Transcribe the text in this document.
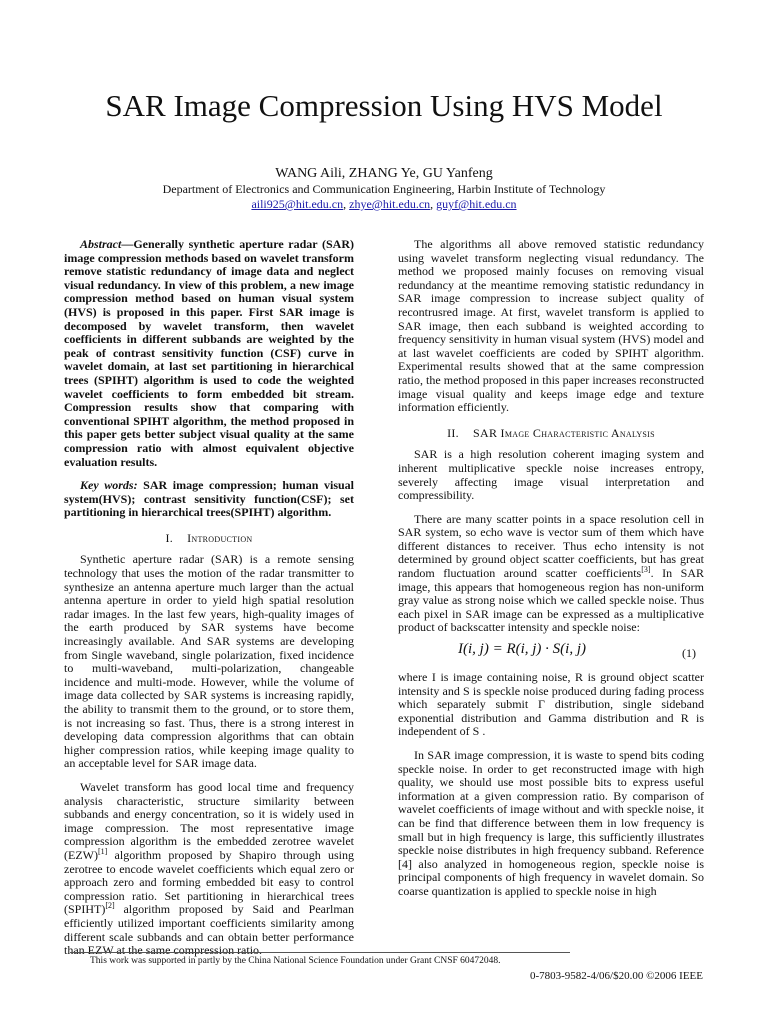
SAR Image Compression Using HVS Model
WANG Aili, ZHANG Ye, GU Yanfeng
Department of Electronics and Communication Engineering, Harbin Institute of Technology
aili925@hit.edu.cn, zhye@hit.edu.cn, guyf@hit.edu.cn

Abstract—Generally synthetic aperture radar (SAR) image compression methods based on wavelet transform remove statistic redundancy of image data and neglect visual redundancy. In view of this problem, a new image compression method based on human visual system (HVS) is proposed in this paper. First SAR image is decomposed by wavelet transform, then wavelet coefficients in different subbands are weighted by the peak of contrast sensitivity function (CSF) curve in wavelet domain, at last set partitioning in hierarchical trees (SPIHT) algorithm is used to code the weighted wavelet coefficients to form embedded bit stream. Compression results show that comparing with conventional SPIHT algorithm, the method proposed in this paper gets better subject visual quality at the same compression ratio with almost equivalent objective evaluation results.

Key words: SAR image compression; human visual system(HVS); contrast sensitivity function(CSF); set partitioning in hierarchical trees(SPIHT) algorithm.

I. Introduction

Synthetic aperture radar (SAR) is a remote sensing technology that uses the motion of the radar transmitter to synthesize an antenna aperture much larger than the actual antenna aperture in order to yield high spatial resolution radar images. In the last few years, high-quality images of the earth produced by SAR systems have become increasingly available. And SAR systems are developing from Single waveband, single polarization, fixed incidence to multi-waveband, multi-polarization, changeable incidence and multi-mode. However, while the volume of image data collected by SAR systems is increasing rapidly, the ability to transmit them to the ground, or to store them, is not increasing so fast. Thus, there is a strong interest in developing data compression algorithms that can obtain higher compression ratios, while keeping image quality to an acceptable level for SAR image data.

Wavelet transform has good local time and frequency analysis characteristic, structure similarity between subbands and energy concentration, so it is widely used in image compression. The most representative image compression algorithm is the embedded zerotree wavelet (EZW)[1] algorithm proposed by Shapiro through using zerotree to encode wavelet coefficients which equal zero or approach zero and forming embedded bit easy to control compression ratio. Set partitioning in hierarchical trees (SPIHT)[2] algorithm proposed by Said and Pearlman efficiently utilized important coefficients similarity among different scale subbands and can obtain better performance than EZW at the same compression ratio.

The algorithms all above removed statistic redundancy using wavelet transform neglecting visual redundancy. The method we proposed mainly focuses on removing visual redundancy at the meantime removing statistic redundancy in SAR image compression to increase subject quality of recontrusred image. At first, wavelet transform is applied to SAR image, then each subband is weighted according to frequency sensitivity in human visual system (HVS) model and at last wavelet coefficients are coded by SPIHT algorithm. Experimental results showed that at the same compression ratio, the method proposed in this paper increases reconstructed image visual quality and keeps image edge and texture information efficiently.

II. SAR Image Characteristic Analysis

SAR is a high resolution coherent imaging system and inherent multiplicative speckle noise increases entropy, severely affecting image visual interpretation and compressibility.

There are many scatter points in a space resolution cell in SAR system, so echo wave is vector sum of them which have different distances to receiver. Thus echo intensity is not determined by ground object scatter coefficients, but has great random fluctuation around scatter coefficients[3]. In SAR image, this appears that homogeneous region has non-uniform gray value as strong noise which we called speckle noise. Thus each pixel in SAR image can be expressed as a multiplicative product of backscatter intensity and speckle noise:

I(i, j) = R(i, j) · S(i, j)	(1)

where I is image containing noise, R is ground object scatter intensity and S is speckle noise produced during fading process which separately submit Γ distribution, single sideband exponential distribution and Gamma distribution and R is independent of S .

In SAR image compression, it is waste to spend bits coding speckle noise. In order to get reconstructed image with high quality, we should use most possible bits to express useful information at a given compression ratio. By comparison of wavelet coefficients of image without and with speckle noise, it can be find that difference between them in low frequency is small but in high frequency is large, this sufficiently illustrates speckle noise distributes in high frequency subband. Reference [4] also analyzed in homogeneous region, speckle noise is principal components of high frequency in wavelet domain. So coarse quantization is applied to speckle noise in high

This work was supported in partly by the China National Science Foundation under Grant CNSF 60472048.
0-7803-9582-4/06/$20.00 ©2006 IEEE
